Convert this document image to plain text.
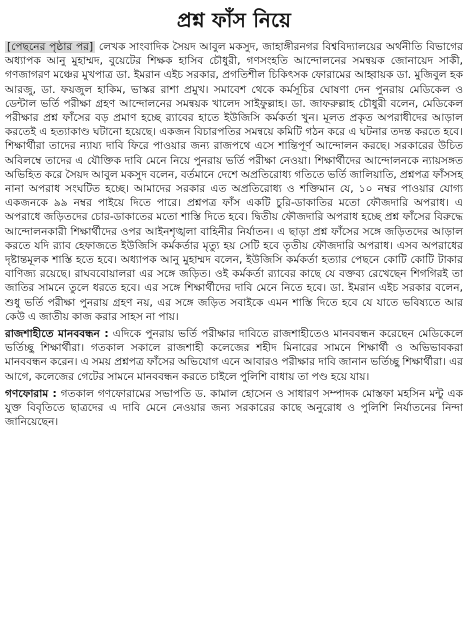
প্রশ্ন ফাঁস নিয়ে

[পেছনের পৃষ্ঠার পর] লেখক সাংবাদিক সৈয়দ আবুল মকসুদ, জাহাঙ্গীরনগর বিশ্ববিদ্যালয়ের অর্থনীতি বিভাগের অধ্যাপক আনু মুহাম্মদ, বুয়েটের শিক্ষক হাসিব চৌধুরী, গণসংহতি আন্দোলনের সমন্বয়ক জোনায়েদ সাকী, গণজাগরণ মঞ্চের মুখপাত্র ডা. ইমরান এইচ সরকার, প্রগতিশীল চিকিৎসক ফোরামের আহ্বায়ক ডা. মুজিবুল হক আরজু, ডা. ফয়জুল হাকিম, ভাস্কর রাশা প্রমুখ। সমাবেশ থেকে কর্মসূচির ঘোষণা দেন পুনরায় মেডিকেল ও ডেন্টাল ভর্তি পরীক্ষা গ্রহণ আন্দোলনের সমন্বয়ক খালেদ সাইফুল্লাহ। ডা. জাফরুল্লাহ চৌধুরী বলেন, মেডিকেল পরীক্ষার প্রশ্ন ফাঁসের বড় প্রমাণ হচ্ছে র‍্যাবের হাতে ইউজিসি কর্মকর্তা খুন। মূলত প্রকৃত অপরাধীদের আড়াল করতেই এ হত্যাকাণ্ড ঘটানো হয়েছে। একজন বিচারপতির সমন্বয়ে কমিটি গঠন করে এ ঘটনার তদন্ত করতে হবে। শিক্ষার্থীরা তাদের ন্যায্য দাবি ফিরে পাওয়ার জন্য রাজপথে এসে শান্তিপূর্ণ আন্দোলন করছে। সরকারের উচিত অবিলম্বে তাদের এ যৌক্তিক দাবি মেনে নিয়ে পুনরায় ভর্তি পরীক্ষা নেওয়া। শিক্ষার্থীদের আন্দোলনকে ন্যায়সঙ্গত অভিহিত করে সৈয়দ আবুল মকসুদ বলেন, বর্তমানে দেশে অপ্রতিরোধ্য গতিতে ভর্তি জালিয়াতি, প্রশ্নপত্র ফাঁসসহ নানা অপরাধ সংঘটিত হচ্ছে। আমাদের সরকার এত অপ্রতিরোধ্য ও শক্তিমান যে, ১০ নম্বর পাওয়ার যোগ্য একজনকে ৯৯ নম্বর পাইয়ে দিতে পারে। প্রশ্নপত্র ফাঁস একটি চুরি-ডাকাতির মতো ফৌজদারি অপরাধ। এ অপরাধে জড়িতদের চোর-ডাকাতের মতো শাস্তি দিতে হবে। দ্বিতীয় ফৌজদারি অপরাধ হচ্ছে প্রশ্ন ফাঁসের বিরুদ্ধে আন্দোলনকারী শিক্ষার্থীদের ওপর আইনশৃঙ্খলা বাহিনীর নির্যাতন। এ ছাড়া প্রশ্ন ফাঁসের সঙ্গে জড়িতদের আড়াল করতে যদি র‍্যাব হেফাজতে ইউজিসি কর্মকর্তার মৃত্যু হয় সেটি হবে তৃতীয় ফৌজদারি অপরাধ। এসব অপরাধের দৃষ্টান্তমূলক শাস্তি হতে হবে। অধ্যাপক আনু মুহাম্মদ বলেন, ইউজিসি কর্মকর্তা হত্যার পেছনে কোটি কোটি টাকার বাণিজ্য রয়েছে। রাঘববোয়ালরা এর সঙ্গে জড়িত। ওই কর্মকর্তা র‍্যাবের কাছে যে বক্তব্য রেখেছেন শিগগিরই তা জাতির সামনে তুলে ধরতে হবে। এর সঙ্গে শিক্ষার্থীদের দাবি মেনে নিতে হবে। ডা. ইমরান এইচ সরকার বলেন, শুধু ভর্তি পরীক্ষা পুনরায় গ্রহণ নয়, এর সঙ্গে জড়িত সবাইকে এমন শাস্তি দিতে হবে যে যাতে ভবিষ্যতে আর কেউ এ জাতীয় কাজ করার সাহস না পায়।

রাজশাহীতে মানববন্ধন : এদিকে পুনরায় ভর্তি পরীক্ষার দাবিতে রাজশাহীতেও মানববন্ধন করেছেন মেডিকেলে ভর্তিচ্ছু শিক্ষার্থীরা। গতকাল সকালে রাজশাহী কলেজের শহীদ মিনারের সামনে শিক্ষার্থী ও অভিভাবকরা মানববন্ধন করেন। এ সময় প্রশ্নপত্র ফাঁসের অভিযোগ এনে আবারও পরীক্ষার দাবি জানান ভর্তিচ্ছু শিক্ষার্থীরা। এর আগে, কলেজের গেটের সামনে মানববন্ধন করতে চাইলে পুলিশি বাধায় তা পণ্ড হয়ে যায়।

গণফোরাম : গতকাল গণফোরামের সভাপতি ড. কামাল হোসেন ও সাধারণ সম্পাদক মোস্তফা মহসিন মন্টু এক যুক্ত বিবৃতিতে ছাত্রদের এ দাবি মেনে নেওয়ার জন্য সরকারের কাছে অনুরোধ ও পুলিশি নির্যাতনের নিন্দা জানিয়েছেন।
